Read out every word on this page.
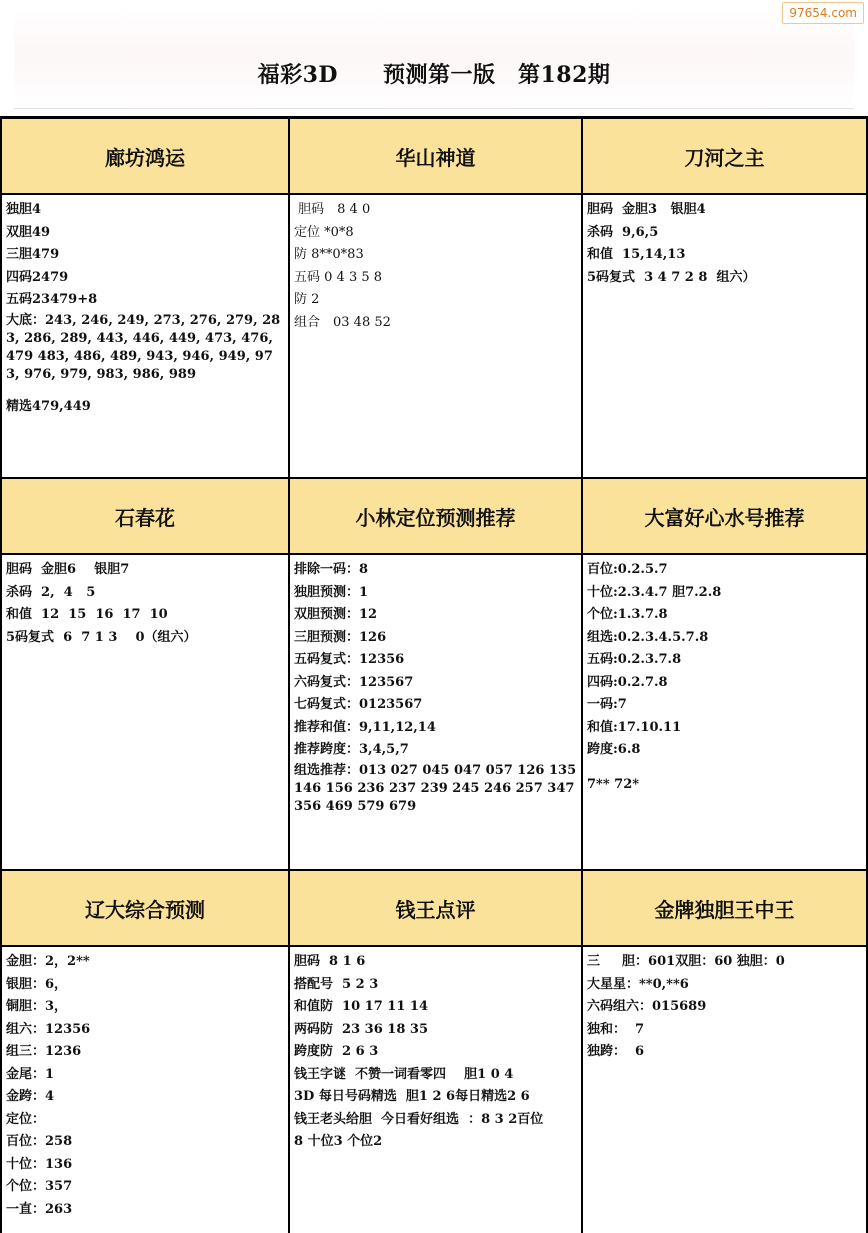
福彩3D　　预测第一版　第182期
97654.com
廊坊鸿运
独胆4
双胆49
三胆479
四码2479
五码23479+8
大底：243, 246, 249, 273, 276, 279, 283, 286, 289, 443, 446, 449, 473, 476, 479 483, 486, 489, 943, 946, 949, 973, 976, 979, 983, 986, 989
精选479,449
华山神道
胆码　8 4 0
定位 *0*8
防 8**0*83
五码 0 4 3 5 8
防 2
组合　03 48 52
刀河之主
胆码  金胆3   银胆4
杀码  9,6,5
和值  15,14,13
5码复式  3 4 7 2 8  组六）
石春花
胆码  金胆6    银胆7
杀码  2,  4   5
和值  12  15  16  17  10
5码复式  6  7 1 3    0（组六）
小林定位预测推荐
排除一码：8
独胆预测：1
双胆预测：12
三胆预测：126
五码复式：12356
六码复式：123567
七码复式：0123567
推荐和值：9,11,12,14
推荐跨度：3,4,5,7
组选推荐：013 027 045 047 057 126 135 146 156 236 237 239 245 246 257 347 356 469 579 679
大富好心水号推荐
百位:0.2.5.7
十位:2.3.4.7 胆7.2.8
个位:1.3.7.8
组选:0.2.3.4.5.7.8
五码:0.2.3.7.8
四码:0.2.7.8
一码:7
和值:17.10.11
跨度:6.8
7** 72*
辽大综合预测
金胆：2，2**
银胆：6，
铜胆：3，
组六：12356
组三：1236
金尾：1
金跨：4
定位：
百位：258
十位：136
个位：357
一直：263
钱王点评
胆码  8 1 6
搭配号  5 2 3
和值防  10 17 11 14
两码防  23 36 18 35
跨度防  2 6 3
钱王字谜  不赞一词看零四    胆1 0 4
3D 每日号码精选  胆1 2 6每日精选2 6
钱王老头给胆  今日看好组选  ：8 3 2百位
8 十位3 个位2
金牌独胆王中王
三　  胆：601双胆：60 独胆：0
大星星：**0,**6
六码组六：015689
独和：  7
独跨：  6
